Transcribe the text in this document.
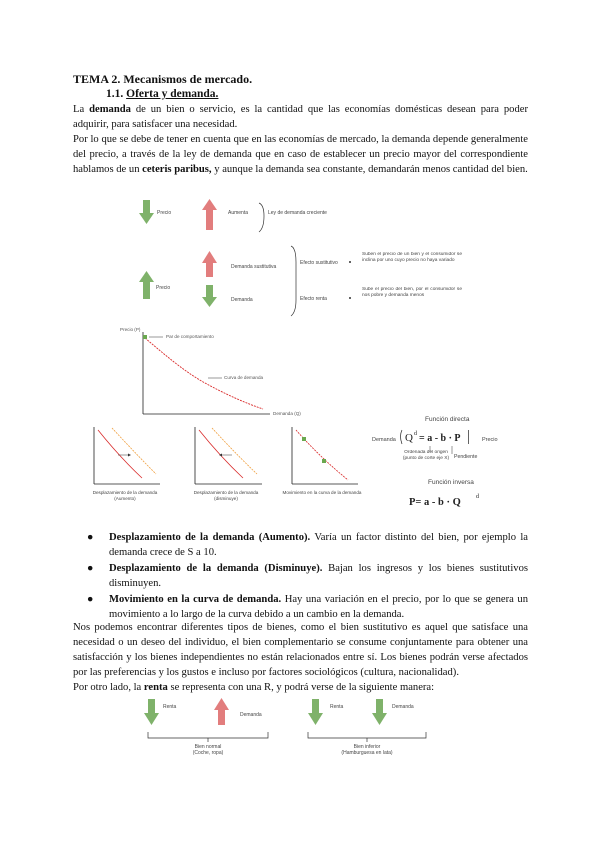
TEMA 2. Mecanismos de mercado.
1.1. Oferta y demanda.
La demanda de un bien o servicio, es la cantidad que las economías domésticas desean para poder adquirir, para satisfacer una necesidad.
Por lo que se debe de tener en cuenta que en las economías de mercado, la demanda depende generalmente del precio, a través de la ley de demanda que en caso de establecer un precio mayor del correspondiente hablamos de un ceteris paribus, y aunque la demanda sea constante, demandarán menos cantidad del bien.
Precio	Aumenta	Ley de demanda creciente
Precio
Demanda sustitutiva
Demanda
Efecto sustitutivo
Efecto renta
Suben el precio de un bien y el consumidor se inclina por uno cuyo precio no haya variado
Sube el precio del bien, por el consumidor se nos pobre y demanda menos
Precio (P)
Par de comportamiento
Curva de demanda
Demanda (Q)
Desplazamiento de la demanda (Aumento)
Desplazamiento de la demanda (disminuye)
Movimiento en la curva de la demanda
Función directa
Demanda Q d = a - b · P	Precio
Ordenada del origen (punto de corte eje X) Pendiente
Función inversa
P= a - b · Q	d
Renta
Demanda
Renta	Demanda
Bien normal
(Coche, ropa)
Bien inferior
(Hamburguesa en lata)
● Desplazamiento de la demanda (Aumento). Varía un factor distinto del bien, por ejemplo la demanda crece de S a 10.
● Desplazamiento de la demanda (Disminuye). Bajan los ingresos y los bienes sustitutivos disminuyen.
● Movimiento en la curva de demanda. Hay una variación en el precio, por lo que se genera un movimiento a lo largo de la curva debido a un cambio en la demanda.
Nos podemos encontrar diferentes tipos de bienes, como el bien sustitutivo es aquel que satisface una necesidad o un deseo del individuo, el bien complementario se consume conjuntamente para obtener una satisfacción y los bienes independientes no están relacionados entre sí. Los bienes podrán verse afectados por las preferencias y los gustos e incluso por factores sociológicos (cultura, nacionalidad).
Por otro lado, la renta se representa con una R, y podrá verse de la siguiente manera:
